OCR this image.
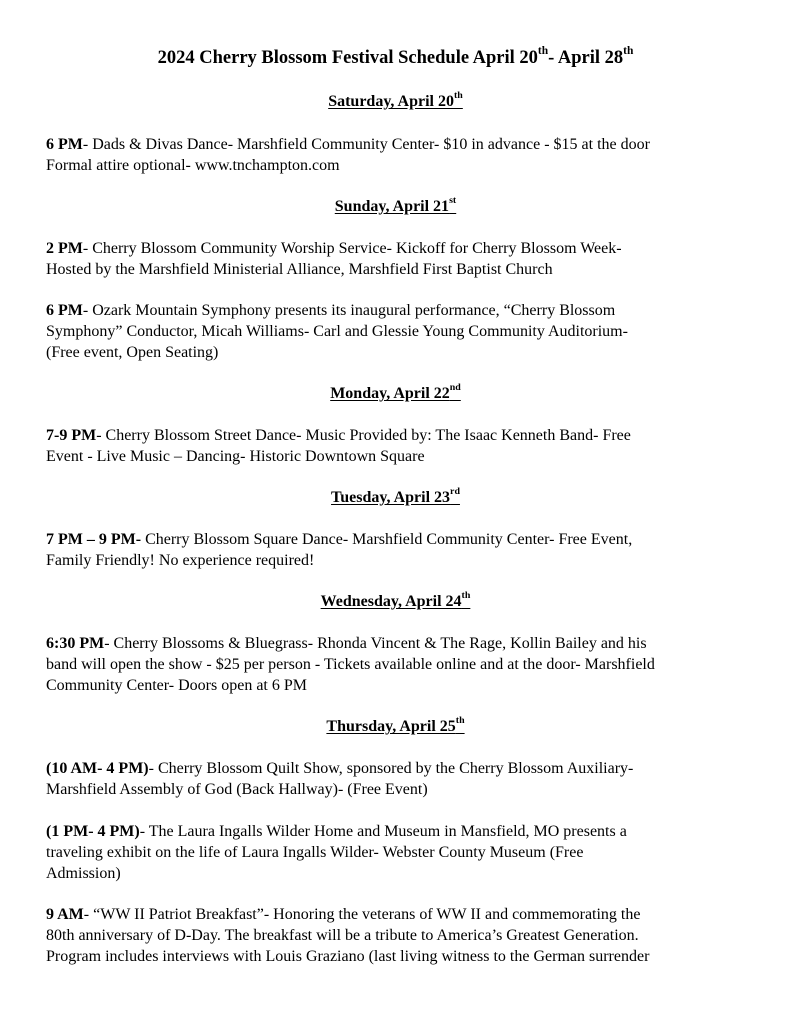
2024 Cherry Blossom Festival Schedule April 20th- April 28th
Saturday, April 20th
6 PM- Dads & Divas Dance- Marshfield Community Center- $10 in advance - $15 at the door
Formal attire optional- www.tnchampton.com
Sunday, April 21st
2 PM- Cherry Blossom Community Worship Service- Kickoff for Cherry Blossom Week-
Hosted by the Marshfield Ministerial Alliance, Marshfield First Baptist Church
6 PM- Ozark Mountain Symphony presents its inaugural performance, “Cherry Blossom
Symphony” Conductor, Micah Williams- Carl and Glessie Young Community Auditorium-
(Free event, Open Seating)
Monday, April 22nd
7-9 PM- Cherry Blossom Street Dance- Music Provided by: The Isaac Kenneth Band- Free
Event - Live Music – Dancing- Historic Downtown Square
Tuesday, April 23rd
7 PM – 9 PM- Cherry Blossom Square Dance- Marshfield Community Center- Free Event,
Family Friendly! No experience required!
Wednesday, April 24th
6:30 PM- Cherry Blossoms & Bluegrass- Rhonda Vincent & The Rage, Kollin Bailey and his
band will open the show - $25 per person - Tickets available online and at the door- Marshfield
Community Center- Doors open at 6 PM
Thursday, April 25th
(10 AM- 4 PM)- Cherry Blossom Quilt Show, sponsored by the Cherry Blossom Auxiliary-
Marshfield Assembly of God (Back Hallway)- (Free Event)
(1 PM- 4 PM)- The Laura Ingalls Wilder Home and Museum in Mansfield, MO presents a
traveling exhibit on the life of Laura Ingalls Wilder- Webster County Museum (Free
Admission)
9 AM- “WW II Patriot Breakfast”- Honoring the veterans of WW II and commemorating the
80th anniversary of D-Day. The breakfast will be a tribute to America’s Greatest Generation.
Program includes interviews with Louis Graziano (last living witness to the German surrender
